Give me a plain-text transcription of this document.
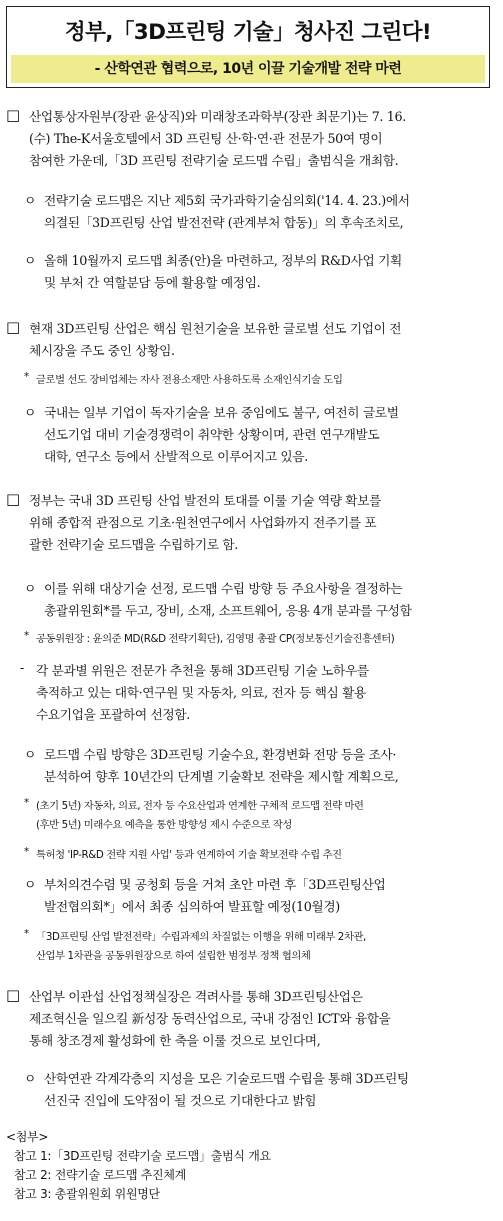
정부,「3D프린팅 기술」청사진 그린다!
- 산학연관 협력으로, 10년 이끌 기술개발 전략 마련
□ 산업통상자원부(장관 윤상직)와 미래창조과학부(장관 최문기)는 7. 16.

(수) The-K서울호텔에서 3D 프린팅 산·학·연·관 전문가 50여 명이

참여한 가운데,「3D 프린팅 전략기술 로드맵 수립」출범식을 개최함.

ㅇ 전략기술 로드맵은 지난 제5회 국가과학기술심의회('14. 4. 23.)에서

의결된「3D프린팅 산업 발전전략 (관계부처 합동)」의 후속조치로,

ㅇ 올해 10월까지 로드맵 최종(안)을 마련하고, 정부의 R&D사업 기획

및 부처 간 역할분담 등에 활용할 예정임.

□ 현재 3D프린팅 산업은 핵심 원천기술을 보유한 글로벌 선도 기업이 전

체시장을 주도 중인 상황임.

* 글로벌 선도 장비업체는 자사 전용소재만 사용하도록 소재인식기술 도입

ㅇ 국내는 일부 기업이 독자기술을 보유 중임에도 불구, 여전히 글로벌

선도기업 대비 기술경쟁력이 취약한 상황이며, 관련 연구개발도

대학, 연구소 등에서 산발적으로 이루어지고 있음.

□ 정부는 국내 3D 프린팅 산업 발전의 토대를 이룰 기술 역량 확보를

위해 종합적 관점으로 기초·원천연구에서 사업화까지 전주기를 포

괄한 전략기술 로드맵을 수립하기로 함.

ㅇ 이를 위해 대상기술 선정, 로드맵 수립 방향 등 주요사항을 결정하는

총괄위원회*를 두고, 장비, 소재, 소프트웨어, 응용 4개 분과를 구성함

* 공동위원장 : 윤의준 MD(R&D 전략기획단), 김영명 총괄 CP(정보통신기술진흥센터)

- 각 분과별 위원은 전문가 추천을 통해 3D프린팅 기술 노하우를

축적하고 있는 대학·연구원 및 자동차, 의료, 전자 등 핵심 활용

수요기업을 포괄하여 선정함.

ㅇ 로드맵 수립 방향은 3D프린팅 기술수요, 환경변화 전망 등을 조사·

분석하여 향후 10년간의 단계별 기술확보 전략을 제시할 계획으로,

* (초기 5년) 자동차, 의료, 전자 등 수요산업과 연계한 구체적 로드맵 전략 마련

(후반 5년) 미래수요 예측을 통한 방향성 제시 수준으로 작성

* 특허청 'IP-R&D 전략 지원 사업' 등과 연계하여 기술 확보전략 수립 추진

ㅇ 부처의견수렴 및 공청회 등을 거쳐 초안 마련 후「3D프린팅산업

발전협의회*」에서 최종 심의하여 발표할 예정(10월경)

* 「3D프린팅 산업 발전전략」수립과제의 차질없는 이행을 위해 미래부 2차관,

산업부 1차관을 공동위원장으로 하여 설립한 범정부 정책 협의체

□ 산업부 이관섭 산업정책실장은 격려사를 통해 3D프린팅산업은

제조혁신을 일으킬 新성장 동력산업으로, 국내 강점인 ICT와 융합을

통해 창조경제 활성화에 한 축을 이룰 것으로 보인다며,

ㅇ 산학연관 각계각층의 지성을 모은 기술로드맵 수립을 통해 3D프린팅

선진국 진입에 도약점이 될 것으로 기대한다고 밝힘

<첨부>

참고 1:「3D프린팅 전략기술 로드맵」출범식 개요

참고 2: 전략기술 로드맵 추진체계

참고 3: 총괄위원회 위원명단
